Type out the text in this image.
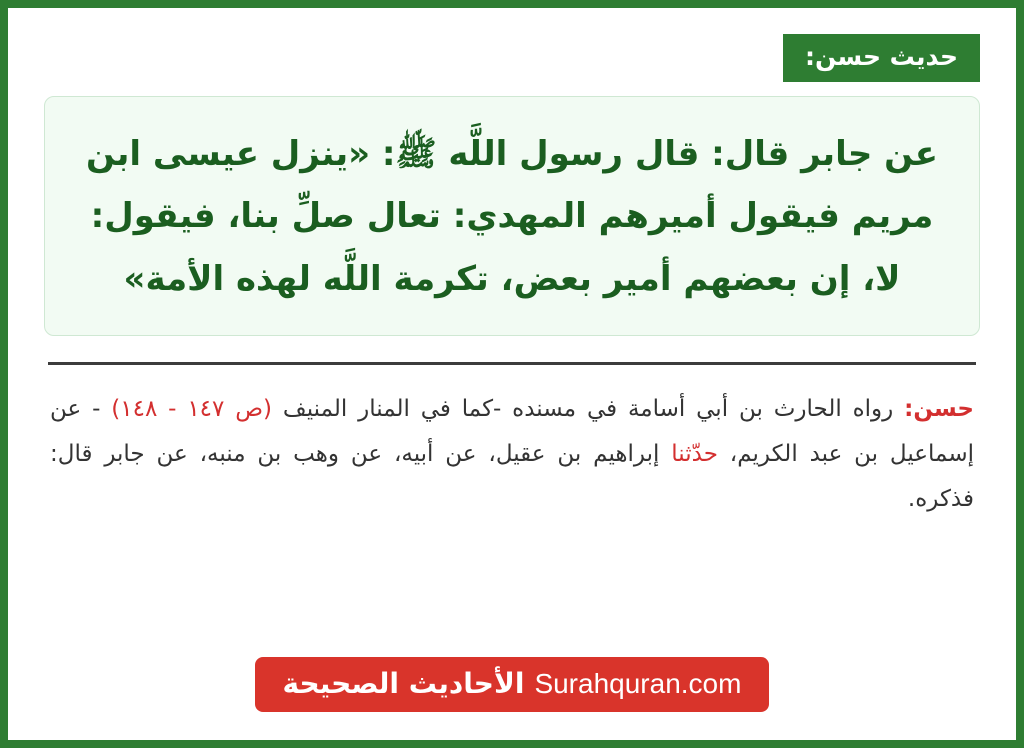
حديث حسن:
عن جابر قال: قال رسول اللَّه ﷺ: «ينزل عيسى ابن مريم فيقول أميرهم المهدي: تعال صلِّ بنا، فيقول: لا، إن بعضهم أمير بعض، تكرمة اللَّه لهذه الأمة»
حسن: رواه الحارث بن أبي أسامة في مسنده -كما في المنار المنيف (ص ١٤٧ - ١٤٨) - عن إسماعيل بن عبد الكريم، حدّثنا إبراهيم بن عقيل، عن أبيه، عن وهب بن منبه، عن جابر قال: فذكره.
Surahquran.com
الأحاديث الصحيحة
